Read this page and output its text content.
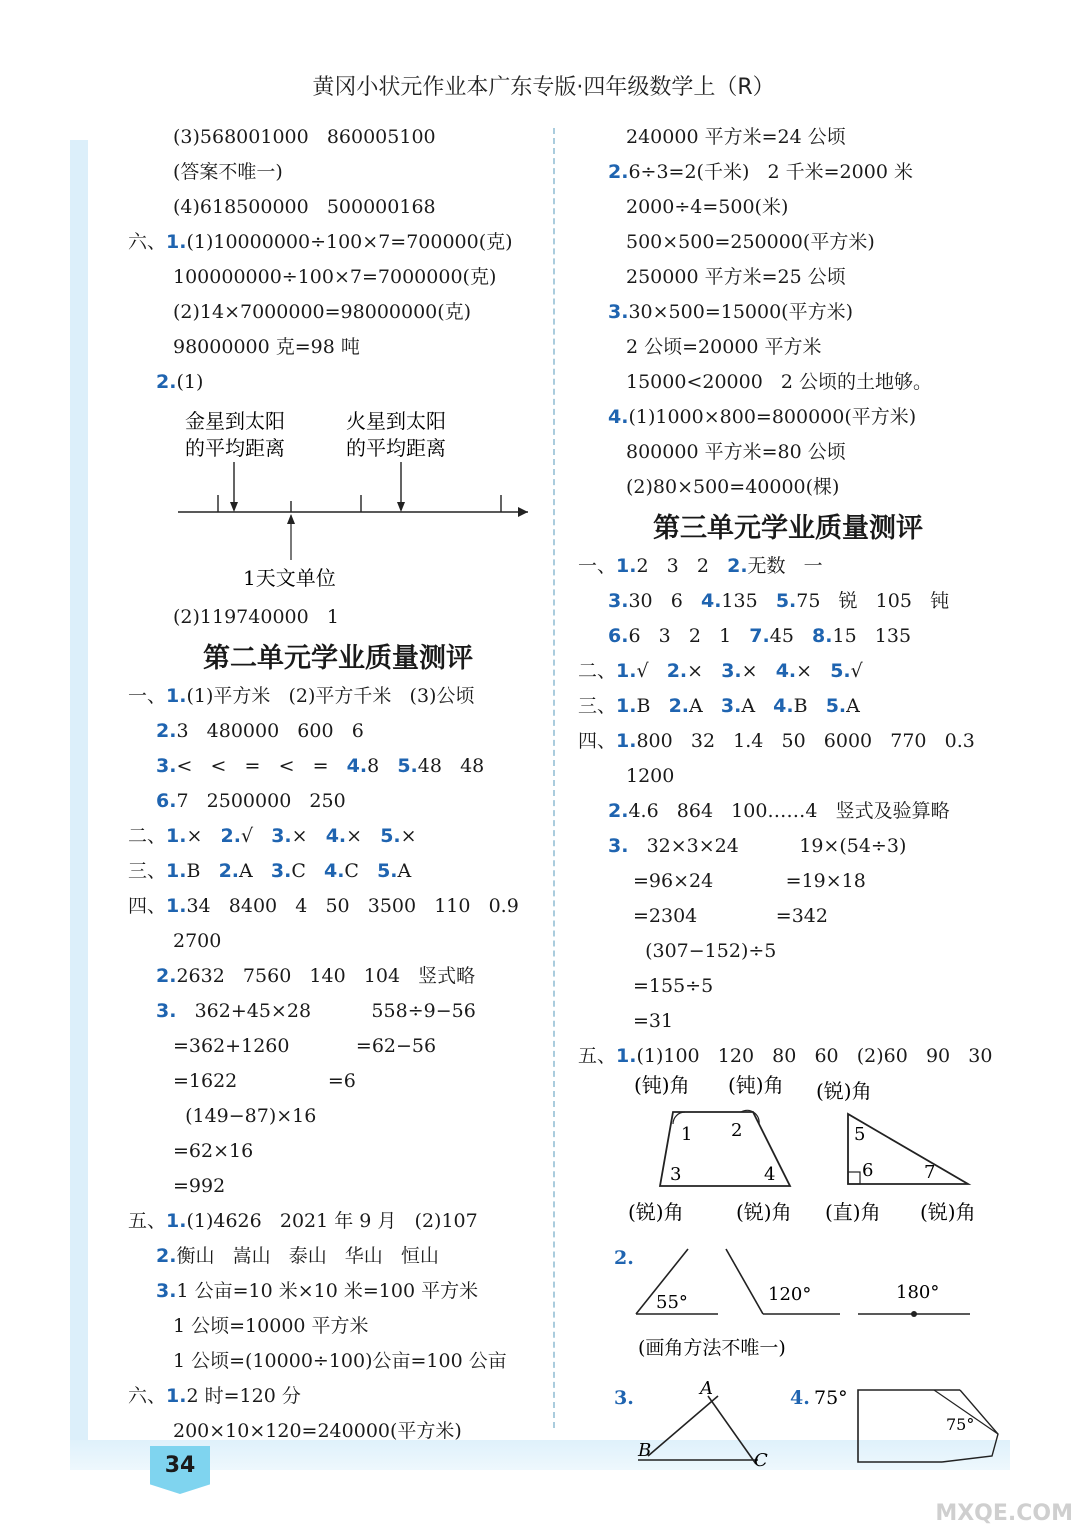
黄冈小状元作业本广东专版·四年级数学上（R）
(3)568001000   860005100
(答案不唯一)
(4)618500000   500000168
六、1.(1)10000000÷100×7=700000(克)
100000000÷100×7=7000000(克)
(2)14×7000000=98000000(克)
98000000 克=98 吨
2.(1)
金星到太阳
的平均距离
火星到太阳
的平均距离
1天文单位
(2)119740000   1
第二单元学业质量测评
一、1.(1)平方米   (2)平方千米   (3)公顷
2.3   480000   600   6
3.<   <   =   <   =   4.8   5.48   48
6.7   2500000   250
二、1.×   2.√   3.×   4.×   5.×
三、1.B   2.A   3.C   4.C   5.A
四、1.34   8400   4   50   3500   110   0.9
2700
2.2632   7560   140   104   竖式略
3.   362+45×28          558÷9−56
=362+1260           =62−56
=1622               =6
(149−87)×16
=62×16
=992
五、1.(1)4626   2021 年 9 月   (2)107
2.衡山   嵩山   泰山   华山   恒山
3.1 公亩=10 米×10 米=100 平方米
1 公顷=10000 平方米
1 公顷=(10000÷100)公亩=100 公亩
六、1.2 时=120 分
200×10×120=240000(平方米)
240000 平方米=24 公顷
2.6÷3=2(千米)   2 千米=2000 米
2000÷4=500(米)
500×500=250000(平方米)
250000 平方米=25 公顷
3.30×500=15000(平方米)
2 公顷=20000 平方米
15000<20000   2 公顷的土地够。
4.(1)1000×800=800000(平方米)
800000 平方米=80 公顷
(2)80×500=40000(棵)
第三单元学业质量测评
一、1.2   3   2   2.无数   一
3.30   6   4.135   5.75   锐   105   钝
6.6   3   2   1   7.45   8.15   135
二、1.√   2.×   3.×   4.×   5.√
三、1.B   2.A   3.A   4.B   5.A
四、1.800   32   1.4   50   6000   770   0.3
1200
2.4.6   864   100……4   竖式及验算略
3.   32×3×24          19×(54÷3)
=96×24            =19×18
=2304             =342
(307−152)÷5
=155÷5
=31
五、1.(1)100   120   80   60   (2)60   90   30
(钝)角 (钝)角 (锐)角
1 2
3	4
5
6	7
(锐)角	(锐)角 (直)角 (锐)角
2.
55°	120°	180°
(画角方法不唯一)
3.	A
B	C
4. 75°
75°
34
MXQE.COM
